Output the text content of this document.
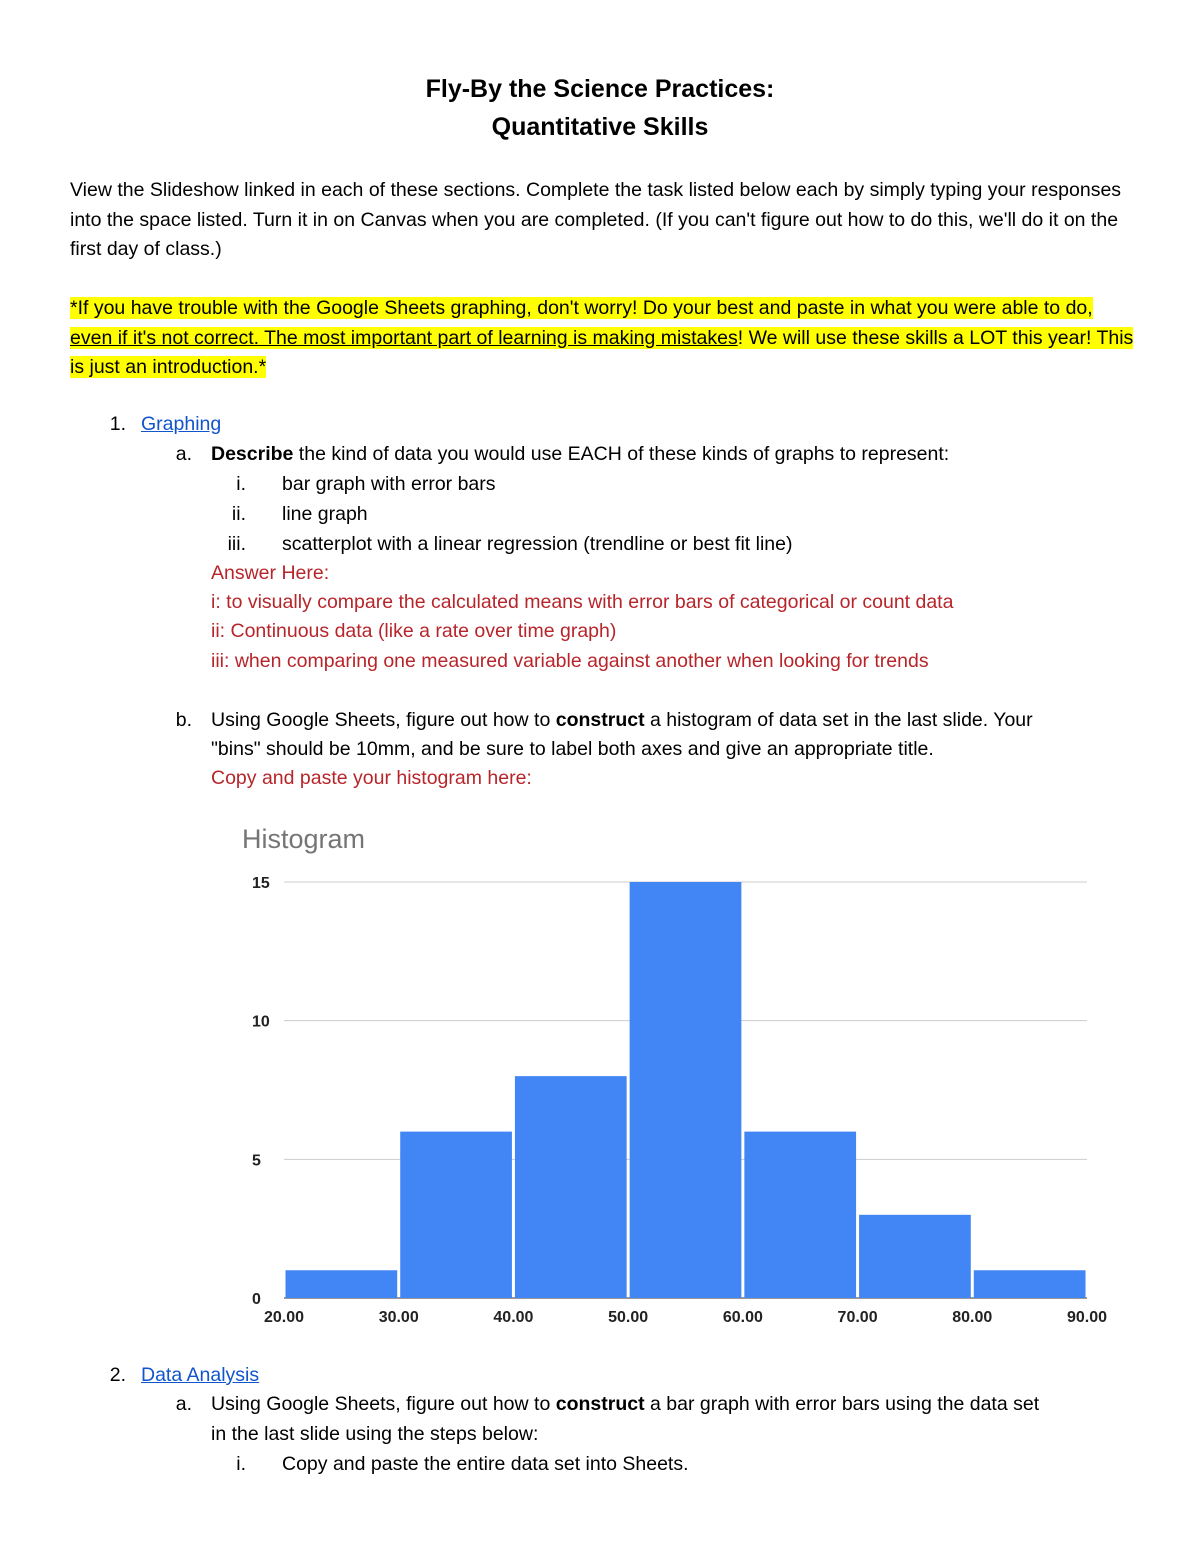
Fly-By the Science Practices:
Quantitative Skills
View the Slideshow linked in each of these sections. Complete the task listed below each by simply typing your responses into the space listed. Turn it in on Canvas when you are completed. (If you can't figure out how to do this, we'll do it on the first day of class.)
*If you have trouble with the Google Sheets graphing, don't worry! Do your best and paste in what you were able to do, even if it's not correct. The most important part of learning is making mistakes! We will use these skills a LOT this year! This is just an introduction.*
1. Graphing
a. Describe the kind of data you would use EACH of these kinds of graphs to represent:
i. bar graph with error bars
ii. line graph
iii. scatterplot with a linear regression (trendline or best fit line)
Answer Here:
i: to visually compare the calculated means with error bars of categorical or count data
ii: Continuous data (like a rate over time graph)
iii: when comparing one measured variable against another when looking for trends
b. Using Google Sheets, figure out how to construct a histogram of data set in the last slide. Your
"bins" should be 10mm, and be sure to label both axes and give an appropriate title.
Copy and paste your histogram here:
Histogram
0
5
10
15
20.00	30.00	40.00	50.00	60.00	70.00	80.00	90.00
2. Data Analysis
a. Using Google Sheets, figure out how to construct a bar graph with error bars using the data set
in the last slide using the steps below:
i. Copy and paste the entire data set into Sheets.
